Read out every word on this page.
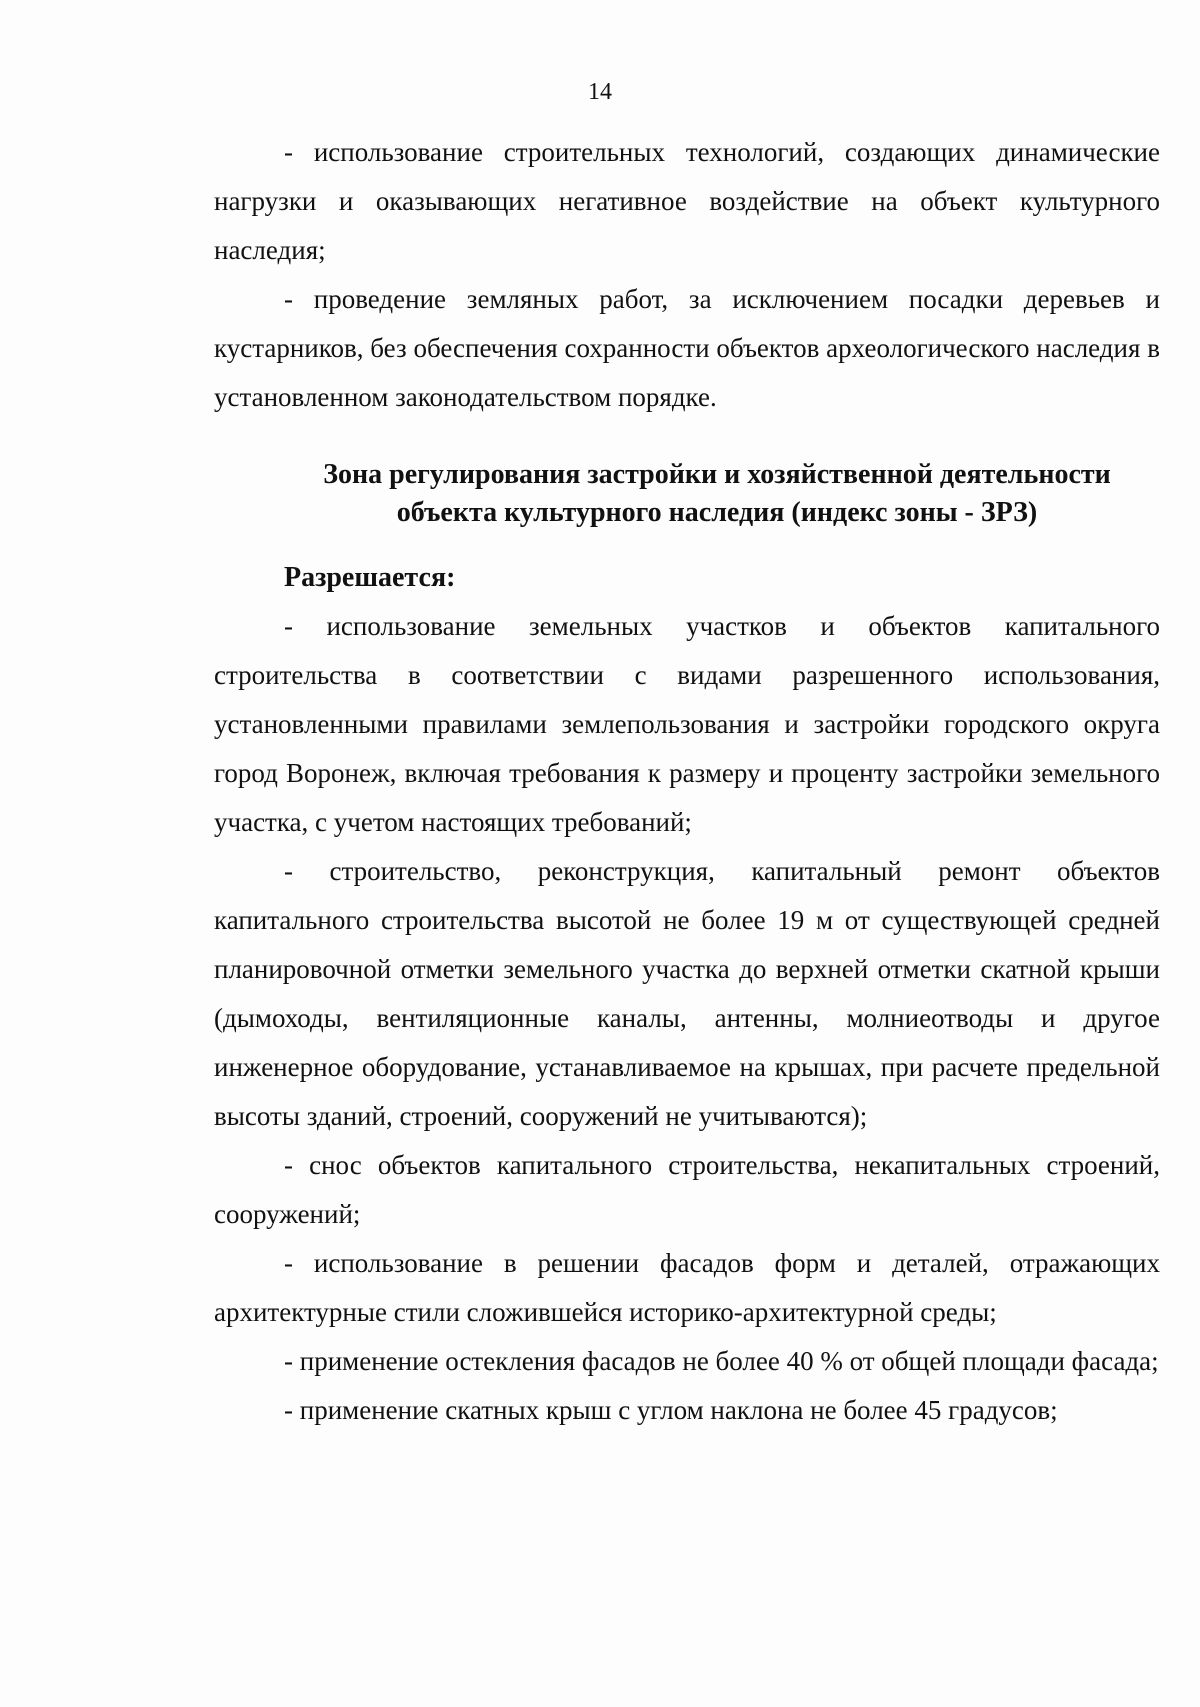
14

- использование строительных технологий, создающих динамические нагрузки и оказывающих негативное воздействие на объект культурного наследия;

- проведение земляных работ, за исключением посадки деревьев и кустарников, без обеспечения сохранности объектов археологического наследия в установленном законодательством порядке.

Зона регулирования застройки и хозяйственной деятельности

объекта культурного наследия (индекс зоны - ЗРЗ)

Разрешается:

- использование земельных участков и объектов капитального строительства в соответствии с видами разрешенного использования, установленными правилами землепользования и застройки городского округа город Воронеж, включая требования к размеру и проценту застройки земельного участка, с учетом настоящих требований;

- строительство, реконструкция, капитальный ремонт объектов капитального строительства высотой не более 19 м от существующей средней планировочной отметки земельного участка до верхней отметки скатной крыши (дымоходы, вентиляционные каналы, антенны, молниеотводы и другое инженерное оборудование, устанавливаемое на крышах, при расчете предельной высоты зданий, строений, сооружений не учитываются);

- снос объектов капитального строительства, некапитальных строений, сооружений;

- использование в решении фасадов форм и деталей, отражающих архитектурные стили сложившейся историко-архитектурной среды;

- применение остекления фасадов не более 40 % от общей площади фасада;

- применение скатных крыш с углом наклона не более 45 градусов;
